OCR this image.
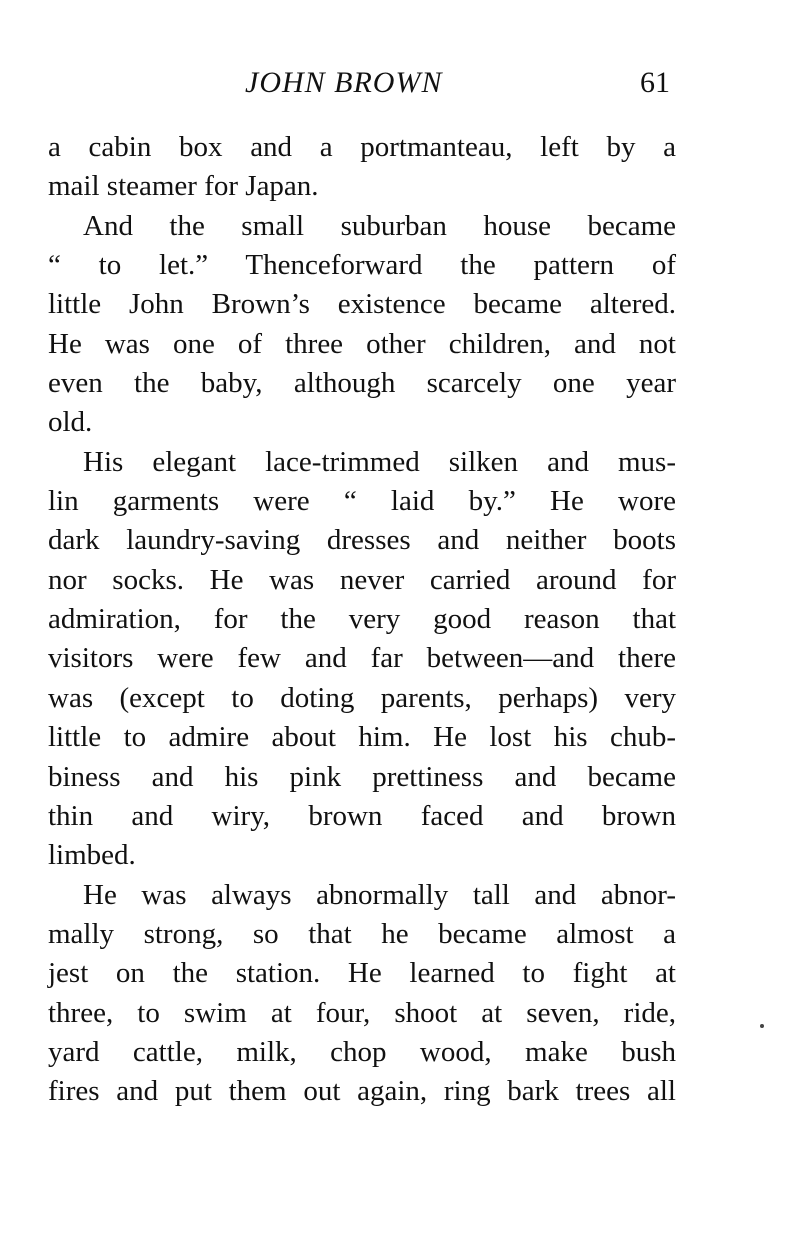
JOHN BROWN	61
a cabin box and a portmanteau, left by a
mail steamer for Japan.
And the small suburban house became
“ to let.” Thenceforward the pattern of
little John Brown’s existence became altered.
He was one of three other children, and not
even the baby, although scarcely one year
old.
His elegant lace-trimmed silken and mus-
lin garments were “ laid by.” He wore
dark laundry-saving dresses and neither boots
nor socks. He was never carried around for
admiration, for the very good reason that
visitors were few and far between—and there
was (except to doting parents, perhaps) very
little to admire about him. He lost his chub-
biness and his pink prettiness and became
thin and wiry, brown faced and brown
limbed.
He was always abnormally tall and abnor-
mally strong, so that he became almost a
jest on the station. He learned to fight at
three, to swim at four, shoot at seven, ride,
yard cattle, milk, chop wood, make bush
fires and put them out again, ring bark trees all
